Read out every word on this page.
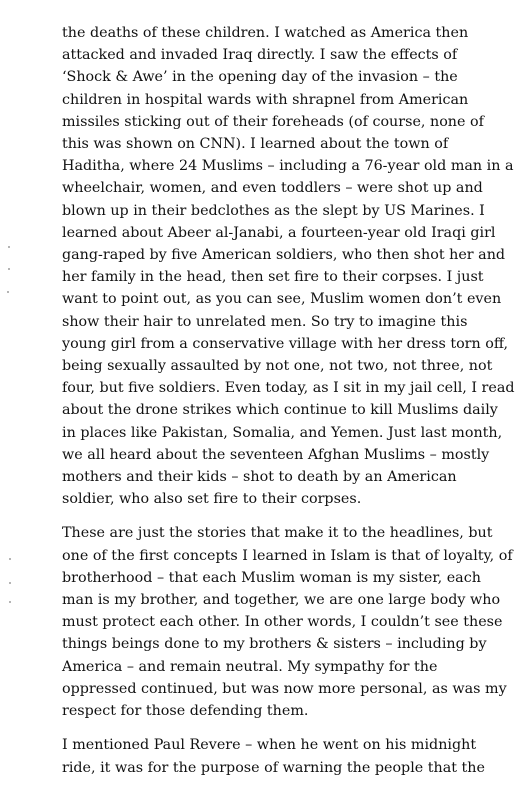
the deaths of these children. I watched as America then
attacked and invaded Iraq directly. I saw the effects of
‘Shock & Awe’ in the opening day of the invasion – the
children in hospital wards with shrapnel from American
missiles sticking out of their foreheads (of course, none of
this was shown on CNN). I learned about the town of
Haditha, where 24 Muslims – including a 76-year old man in a
wheelchair, women, and even toddlers – were shot up and
blown up in their bedclothes as the slept by US Marines. I
learned about Abeer al-Janabi, a fourteen-year old Iraqi girl
gang-raped by five American soldiers, who then shot her and
her family in the head, then set fire to their corpses. I just
want to point out, as you can see, Muslim women don’t even
show their hair to unrelated men. So try to imagine this
young girl from a conservative village with her dress torn off,
being sexually assaulted by not one, not two, not three, not
four, but five soldiers. Even today, as I sit in my jail cell, I read
about the drone strikes which continue to kill Muslims daily
in places like Pakistan, Somalia, and Yemen. Just last month,
we all heard about the seventeen Afghan Muslims – mostly
mothers and their kids – shot to death by an American
soldier, who also set fire to their corpses.
These are just the stories that make it to the headlines, but
one of the first concepts I learned in Islam is that of loyalty, of
brotherhood – that each Muslim woman is my sister, each
man is my brother, and together, we are one large body who
must protect each other. In other words, I couldn’t see these
things beings done to my brothers & sisters – including by
America – and remain neutral. My sympathy for the
oppressed continued, but was now more personal, as was my
respect for those defending them.
I mentioned Paul Revere – when he went on his midnight
ride, it was for the purpose of warning the people that the
